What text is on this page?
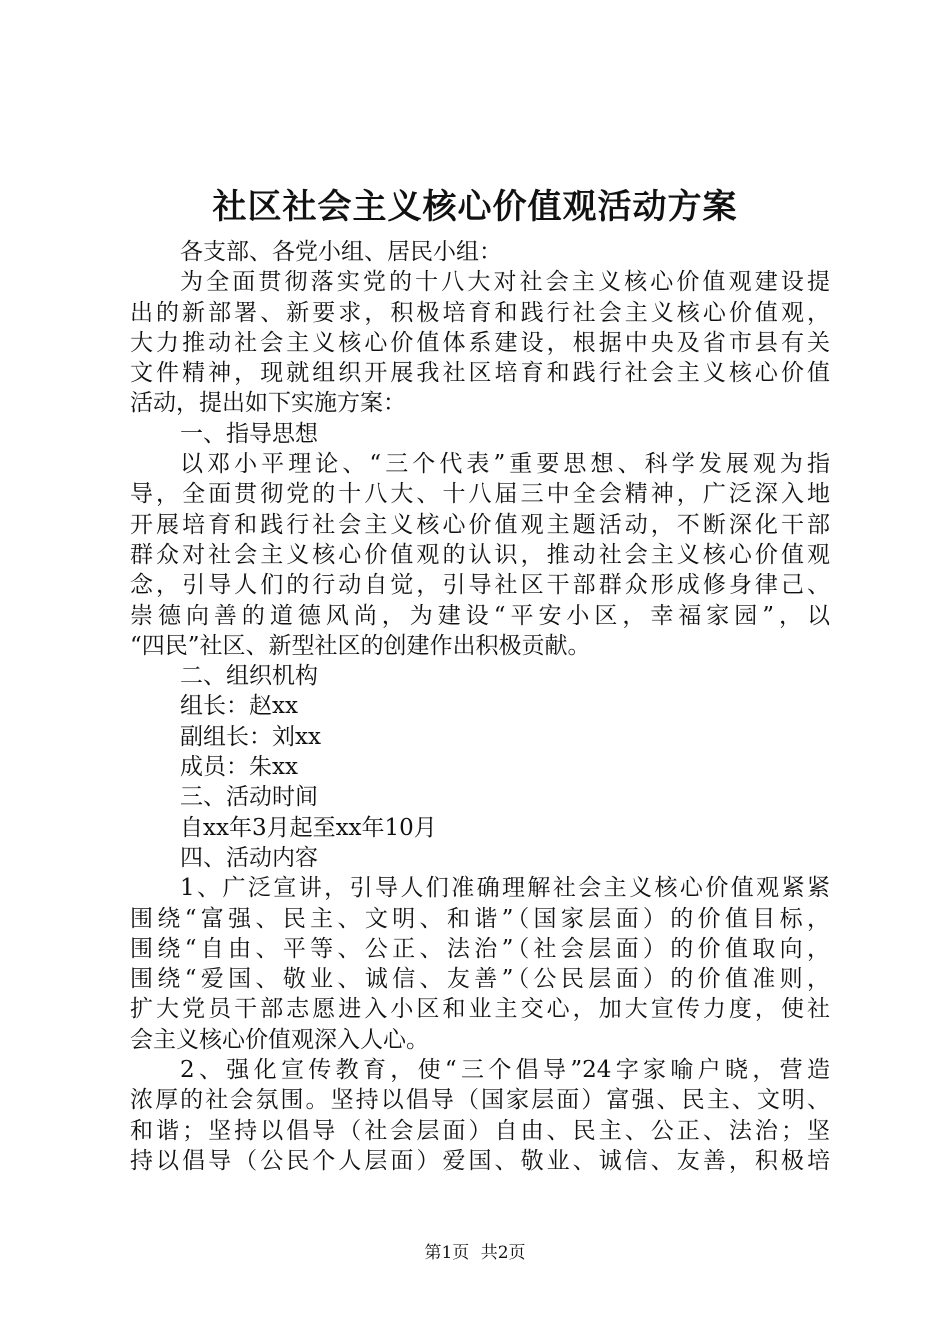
社区社会主义核心价值观活动方案
各支部、各党小组、居民小组：
为全面贯彻落实党的十八大对社会主义核心价值观建设提
出的新部署、新要求，积极培育和践行社会主义核心价值观，
大力推动社会主义核心价值体系建设，根据中央及省市县有关
文件精神，现就组织开展我社区培育和践行社会主义核心价值
活动，提出如下实施方案：
一、指导思想
以邓小平理论、“三个代表”重要思想、科学发展观为指
导，全面贯彻党的十八大、十八届三中全会精神，广泛深入地
开展培育和践行社会主义核心价值观主题活动，不断深化干部
群众对社会主义核心价值观的认识，推动社会主义核心价值观
念，引导人们的行动自觉，引导社区干部群众形成修身律己、
崇德向善的道德风尚，为建设“平安小区，幸福家园”，以
“四民”社区、新型社区的创建作出积极贡献。
二、组织机构
组长：赵xx
副组长：刘xx
成员：朱xx
三、活动时间
自xx年3月起至xx年10月
四、活动内容
1、广泛宣讲，引导人们准确理解社会主义核心价值观紧紧
围绕“富强、民主、文明、和谐”（国家层面）的价值目标，
围绕“自由、平等、公正、法治”（社会层面）的价值取向，
围绕“爱国、敬业、诚信、友善”（公民层面）的价值准则，
扩大党员干部志愿进入小区和业主交心，加大宣传力度，使社
会主义核心价值观深入人心。
2、强化宣传教育，使“三个倡导”24字家喻户晓，营造
浓厚的社会氛围。坚持以倡导（国家层面）富强、民主、文明、
和谐；坚持以倡导（社会层面）自由、民主、公正、法治；坚
持以倡导（公民个人层面）爱国、敬业、诚信、友善，积极培
第1页 共2页
